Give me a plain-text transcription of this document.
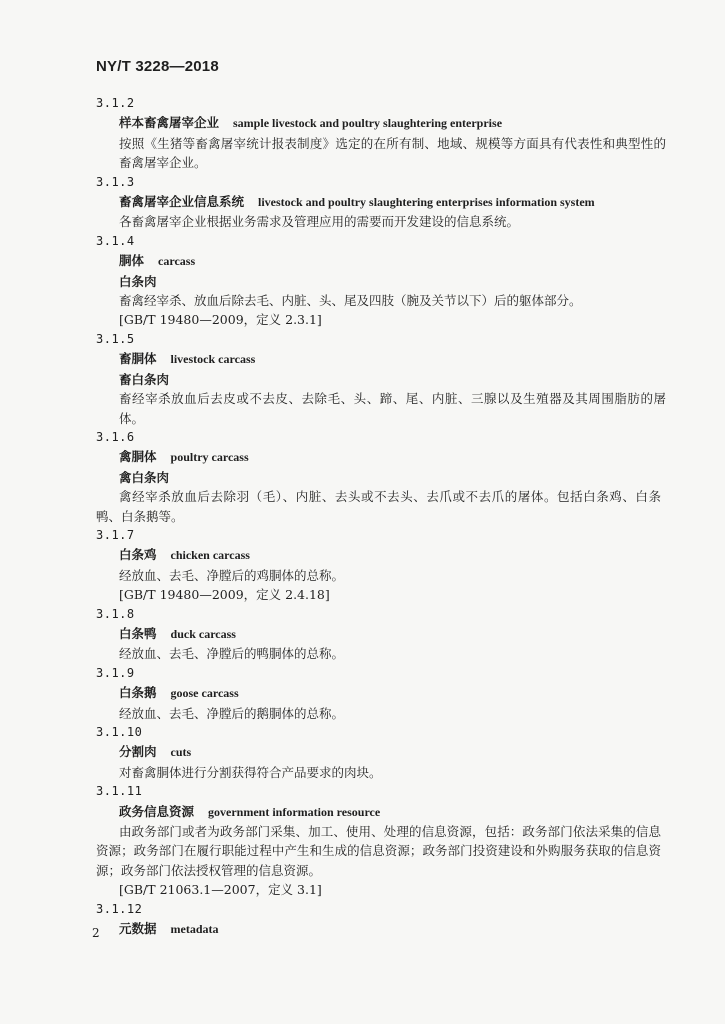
NY/T 3228—2018
3.1.2
样本畜禽屠宰企业 sample livestock and poultry slaughtering enterprise
按照《生猪等畜禽屠宰统计报表制度》选定的在所有制、地域、规模等方面具有代表性和典型性的畜禽屠宰企业。
3.1.3
畜禽屠宰企业信息系统 livestock and poultry slaughtering enterprises information system
各畜禽屠宰企业根据业务需求及管理应用的需要而开发建设的信息系统。
3.1.4
胴体 carcass
白条肉
畜禽经宰杀、放血后除去毛、内脏、头、尾及四肢（腕及关节以下）后的躯体部分。
[GB/T 19480—2009，定义 2.3.1]
3.1.5
畜胴体 livestock carcass
畜白条肉
畜经宰杀放血后去皮或不去皮、去除毛、头、蹄、尾、内脏、三腺以及生殖器及其周围脂肪的屠体。
3.1.6
禽胴体 poultry carcass
禽白条肉
禽经宰杀放血后去除羽（毛）、内脏、去头或不去头、去爪或不去爪的屠体。包括白条鸡、白条鸭、白条鹅等。
3.1.7
白条鸡 chicken carcass
经放血、去毛、净膛后的鸡胴体的总称。
[GB/T 19480—2009，定义 2.4.18]
3.1.8
白条鸭 duck carcass
经放血、去毛、净膛后的鸭胴体的总称。
3.1.9
白条鹅 goose carcass
经放血、去毛、净膛后的鹅胴体的总称。
3.1.10
分割肉 cuts
对畜禽胴体进行分割获得符合产品要求的肉块。
3.1.11
政务信息资源 government information resource
由政务部门或者为政务部门采集、加工、使用、处理的信息资源，包括：政务部门依法采集的信息资源；政务部门在履行职能过程中产生和生成的信息资源；政务部门投资建设和外购服务获取的信息资源；政务部门依法授权管理的信息资源。
[GB/T 21063.1—2007，定义 3.1]
3.1.12
元数据 metadata
2
